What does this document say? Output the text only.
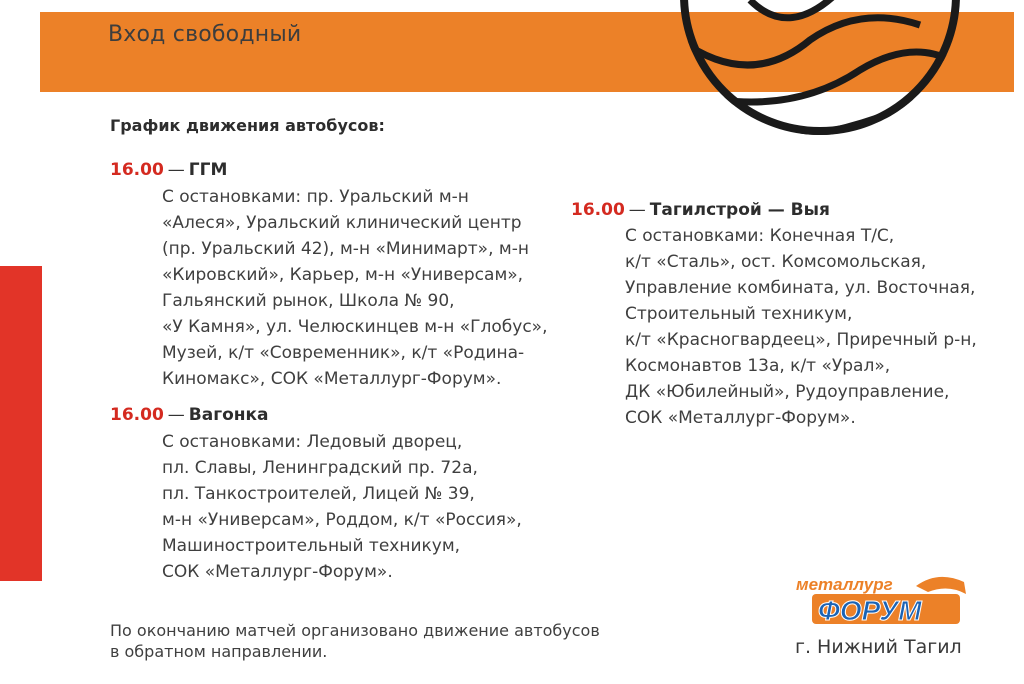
Вход свободный
График движения автобусов:
16.00 — ГГМ
С остановками: пр. Уральский м-н
«Алеся», Уральский клинический центр
(пр. Уральский 42), м-н «Минимарт», м-н
«Кировский», Карьер, м-н «Универсам»,
Гальянский рынок, Школа № 90,
«У Камня», ул. Челюскинцев м-н «Глобус»,
Музей, к/т «Современник», к/т «Родина-
Киномакс», СОК «Металлург-Форум».
16.00 — Вагонка
С остановками: Ледовый дворец,
пл. Славы, Ленинградский пр. 72а,
пл. Танкостроителей, Лицей № 39,
м-н «Универсам», Роддом, к/т «Россия»,
Машиностроительный техникум,
СОК «Металлург-Форум».
16.00 — Тагилстрой — Выя
С остановками: Конечная Т/С,
к/т «Сталь», ост. Комсомольская,
Управление комбината, ул. Восточная,
Строительный техникум,
к/т «Красногвардеец», Приречный р-н,
Космонавтов 13а, к/т «Урал»,
ДК «Юбилейный», Рудоуправление,
СОК «Металлург-Форум».

По окончанию матчей организовано движение автобусов
в обратном направлении.

металлург
ФОРУМ
г. Нижний Тагил
